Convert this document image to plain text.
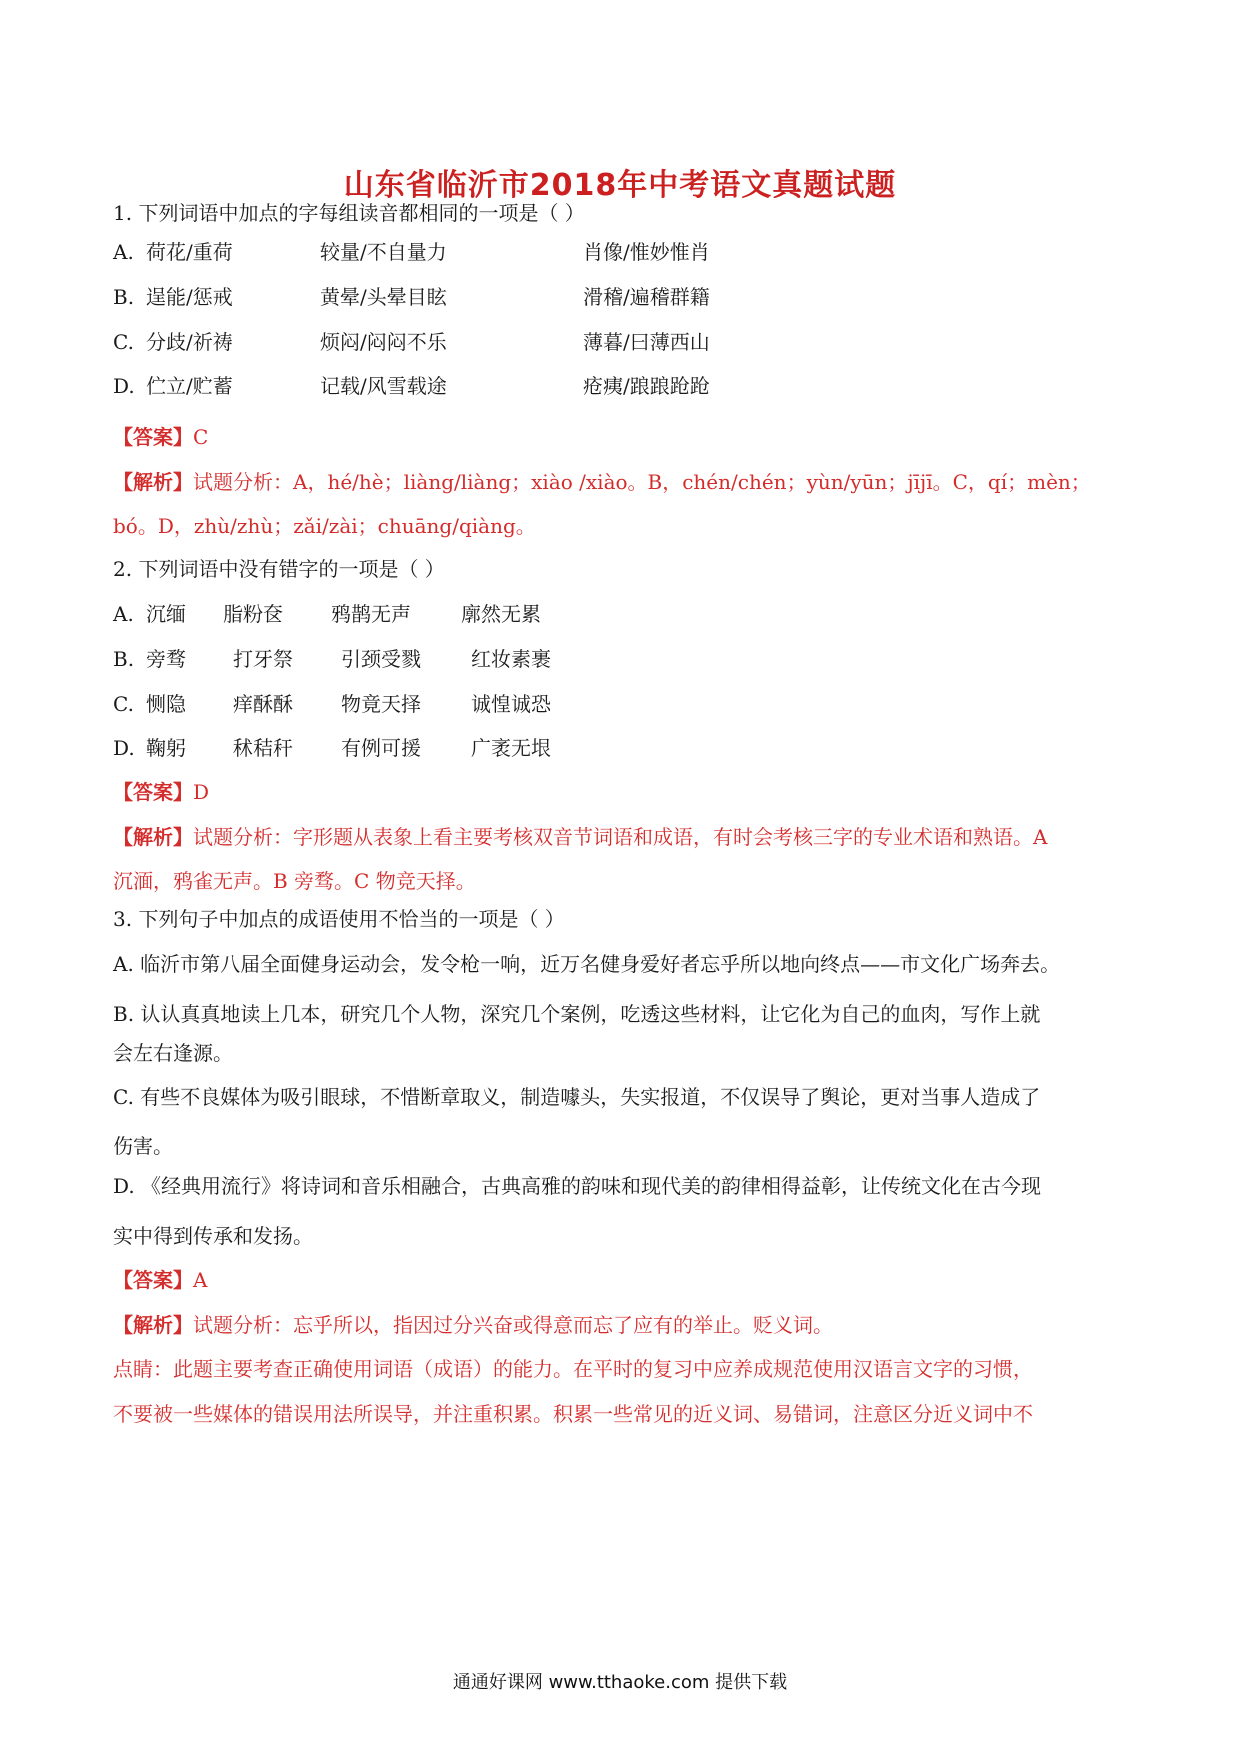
山东省临沂市2018年中考语文真题试题
1. 下列词语中加点的字每组读音都相同的一项是（ ）
A. 荷花/重荷	较量/不自量力	肖像/惟妙惟肖
B. 逞能/惩戒	黄晕/头晕目眩	滑稽/遍稽群籍
C. 分歧/祈祷	烦闷/闷闷不乐	薄暮/曰薄西山
D. 伫立/贮蓄	记载/风雪载途	疮痍/踉踉跄跄
【答案】C
【解析】试题分析：A，hé/hè；liàng/liàng；xiào /xiào。B，chén/chén；yùn/yūn；jījī。C，qí；mèn；
bó。D，zhù/zhù；zǎi/zài；chuāng/qiàng。
2. 下列词语中没有错字的一项是（ ）
A. 沉缅 脂粉奁 鸦鹊无声	廓然无累
B. 旁骛 打牙祭 引颈受戮	红妆素裹
C. 恻隐 痒酥酥 物竟天择	诚惶诚恐
D. 鞠躬 秫秸秆 有例可援	广袤无垠
【答案】D
【解析】试题分析：字形题从表象上看主要考核双音节词语和成语，有时会考核三字的专业术语和熟语。A
沉湎，鸦雀无声。B 旁骛。C 物竞天择。
3. 下列句子中加点的成语使用不恰当的一项是（ ）
A. 临沂市第八届全面健身运动会，发令枪一响，近万名健身爱好者忘乎所以地向终点——市文化广场奔去。
B. 认认真真地读上几本，研究几个人物，深究几个案例，吃透这些材料，让它化为自己的血肉，写作上就
会左右逢源。
C. 有些不良媒体为吸引眼球，不惜断章取义，制造噱头，失实报道，不仅误导了舆论，更对当事人造成了
伤害。
D. 《经典用流行》将诗词和音乐相融合，古典高雅的韵味和现代美的韵律相得益彰，让传统文化在古今现
实中得到传承和发扬。
【答案】A
【解析】试题分析：忘乎所以，指因过分兴奋或得意而忘了应有的举止。贬义词。
点睛：此题主要考查正确使用词语（成语）的能力。在平时的复习中应养成规范使用汉语言文字的习惯，
不要被一些媒体的错误用法所误导，并注重积累。积累一些常见的近义词、易错词，注意区分近义词中不
通通好课网 www.tthaoke.com 提供下载
